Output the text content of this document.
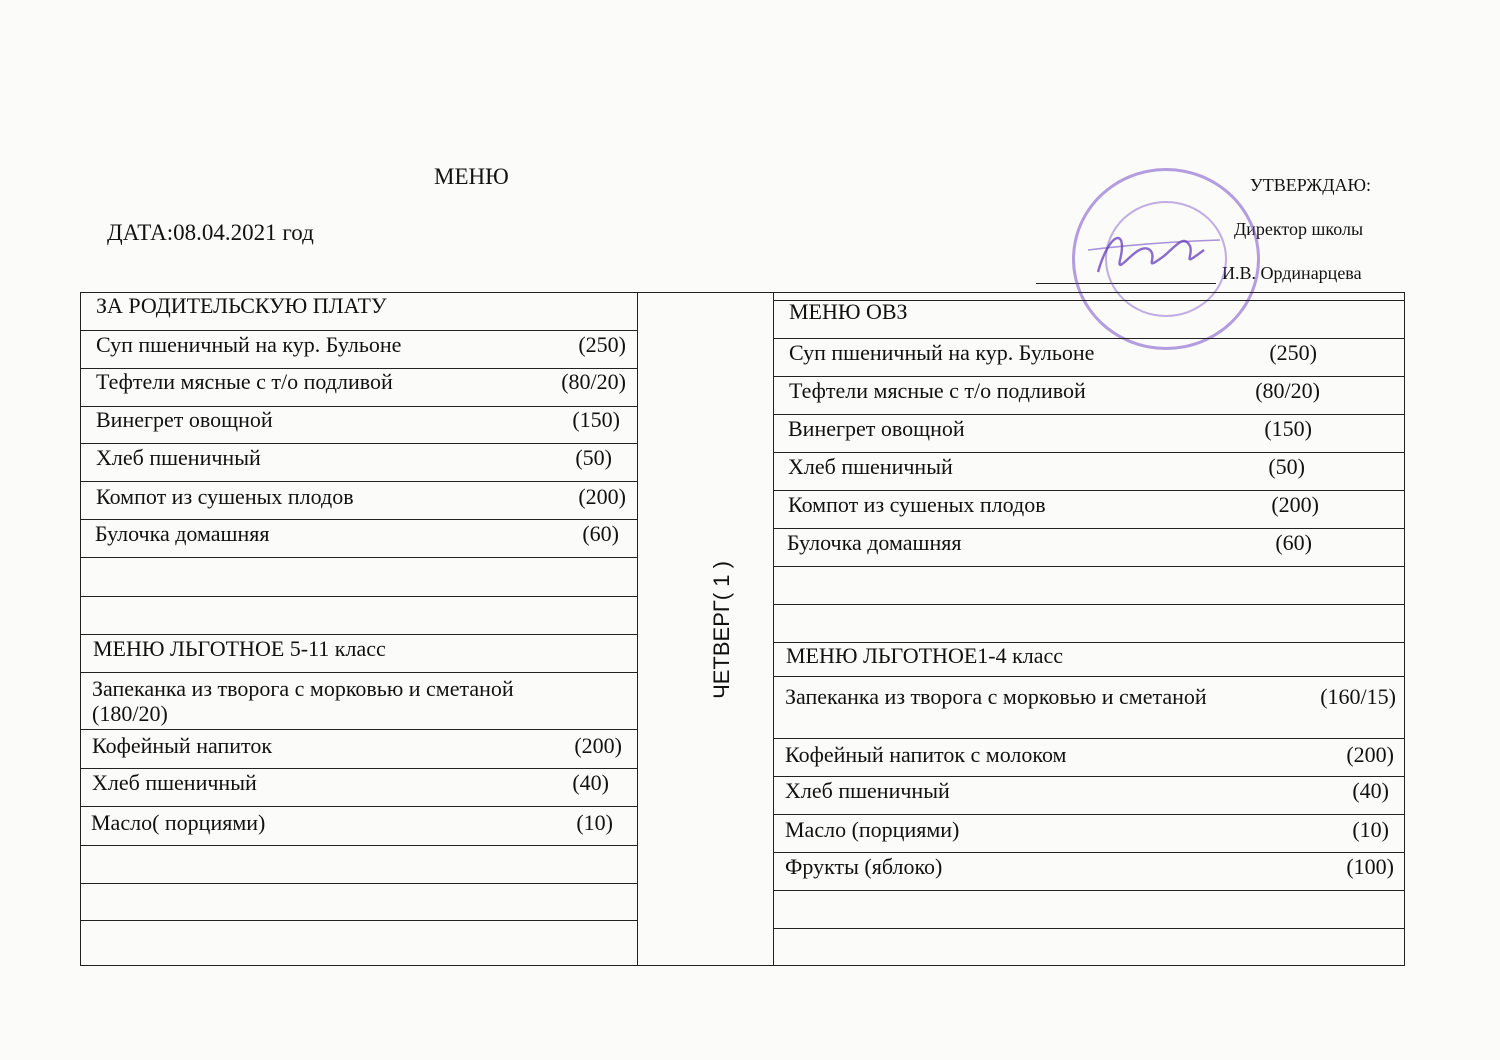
МЕНЮ
ДАТА:08.04.2021 год
УТВЕРЖДАЮ:
Директор школы
И.В. Ординарцева
ЧЕТВЕРГ( 1 )
ЗА РОДИТЕЛЬСКУЮ ПЛАТУ
Суп пшеничный на кур. Бульоне	(250)
Тефтели мясные с т/о подливой	(80/20)
Винегрет овощной	(150)
Хлеб пшеничный	(50)
Компот из сушеных плодов	(200)
Булочка домашняя	(60)
МЕНЮ ЛЬГОТНОЕ 5-11 класс
Запеканка из творога с морковью и сметаной (180/20)
Кофейный напиток	(200)
Хлеб пшеничный	(40)
Масло( порциями)	(10)
МЕНЮ ОВЗ
Суп пшеничный на кур. Бульоне	(250)
Тефтели мясные с т/о подливой	(80/20)
Винегрет овощной	(150)
Хлеб пшеничный	(50)
Компот из сушеных плодов	(200)
Булочка домашняя	(60)
МЕНЮ ЛЬГОТНОЕ1-4 класс
Запеканка из творога с морковью и сметаной	(160/15)
Кофейный напиток с молоком	(200)
Хлеб пшеничный	(40)
Масло (порциями)	(10)
Фрукты (яблоко)	(100)
